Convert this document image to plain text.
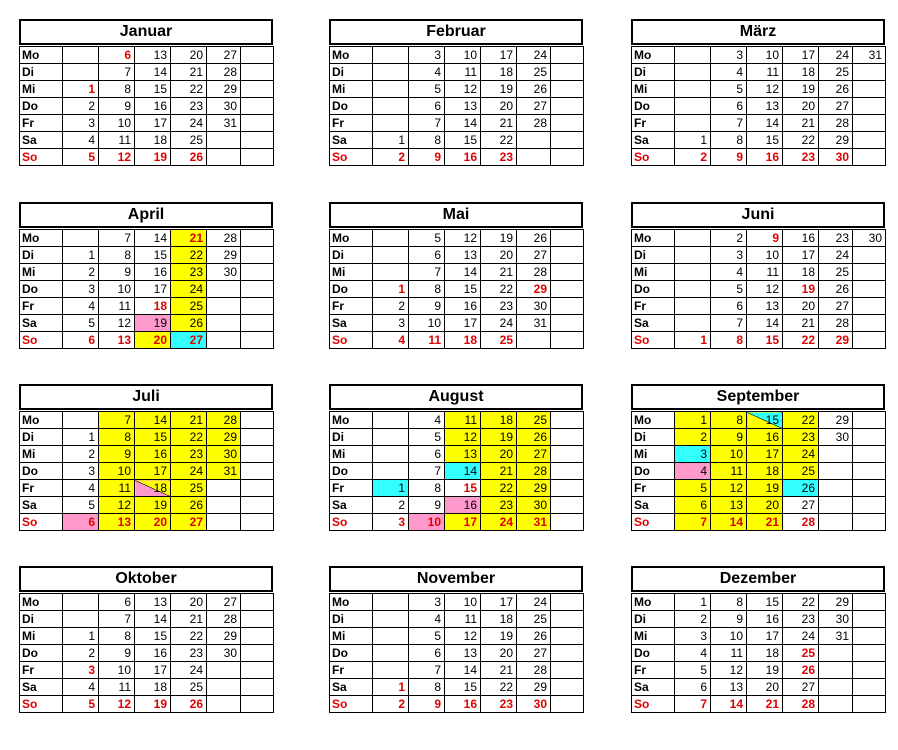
Januar
Mo		6	13	20	27	
Di		7	14	21	28	
Mi	1	8	15	22	29	
Do	2	9	16	23	30	
Fr	3	10	17	24	31	
Sa	4	11	18	25		
So	5	12	19	26		
Februar
Mo		3	10	17	24	
Di		4	11	18	25	
Mi		5	12	19	26	
Do		6	13	20	27	
Fr		7	14	21	28	
Sa	1	8	15	22		
So	2	9	16	23		
März
Mo		3	10	17	24	31
Di		4	11	18	25	
Mi		5	12	19	26	
Do		6	13	20	27	
Fr		7	14	21	28	
Sa	1	8	15	22	29	
So	2	9	16	23	30	
April
Mo		7	14	21	28	
Di	1	8	15	22	29	
Mi	2	9	16	23	30	
Do	3	10	17	24		
Fr	4	11	18	25		
Sa	5	12	19	26		
So	6	13	20	27		
Mai
Mo		5	12	19	26	
Di		6	13	20	27	
Mi		7	14	21	28	
Do	1	8	15	22	29	
Fr	2	9	16	23	30	
Sa	3	10	17	24	31	
So	4	11	18	25		
Juni
Mo		2	9	16	23	30
Di		3	10	17	24	
Mi		4	11	18	25	
Do		5	12	19	26	
Fr		6	13	20	27	
Sa		7	14	21	28	
So	1	8	15	22	29	
Juli
Mo		7	14	21	28	
Di	1	8	15	22	29	
Mi	2	9	16	23	30	
Do	3	10	17	24	31	
Fr	4	11	18	25		
Sa	5	12	19	26		
So	6	13	20	27		
August
Mo		4	11	18	25	
Di		5	12	19	26	
Mi		6	13	20	27	
Do		7	14	21	28	
Fr	1	8	15	22	29	
Sa	2	9	16	23	30	
So	3	10	17	24	31	
September
Mo	1	8	15	22	29	
Di	2	9	16	23	30	
Mi	3	10	17	24		
Do	4	11	18	25		
Fr	5	12	19	26		
Sa	6	13	20	27		
So	7	14	21	28		
Oktober
Mo		6	13	20	27	
Di		7	14	21	28	
Mi	1	8	15	22	29	
Do	2	9	16	23	30	
Fr	3	10	17	24		
Sa	4	11	18	25		
So	5	12	19	26		
November
Mo		3	10	17	24	
Di		4	11	18	25	
Mi		5	12	19	26	
Do		6	13	20	27	
Fr		7	14	21	28	
Sa	1	8	15	22	29	
So	2	9	16	23	30	
Dezember
Mo	1	8	15	22	29	
Di	2	9	16	23	30	
Mi	3	10	17	24	31	
Do	4	11	18	25		
Fr	5	12	19	26		
Sa	6	13	20	27		
So	7	14	21	28		
